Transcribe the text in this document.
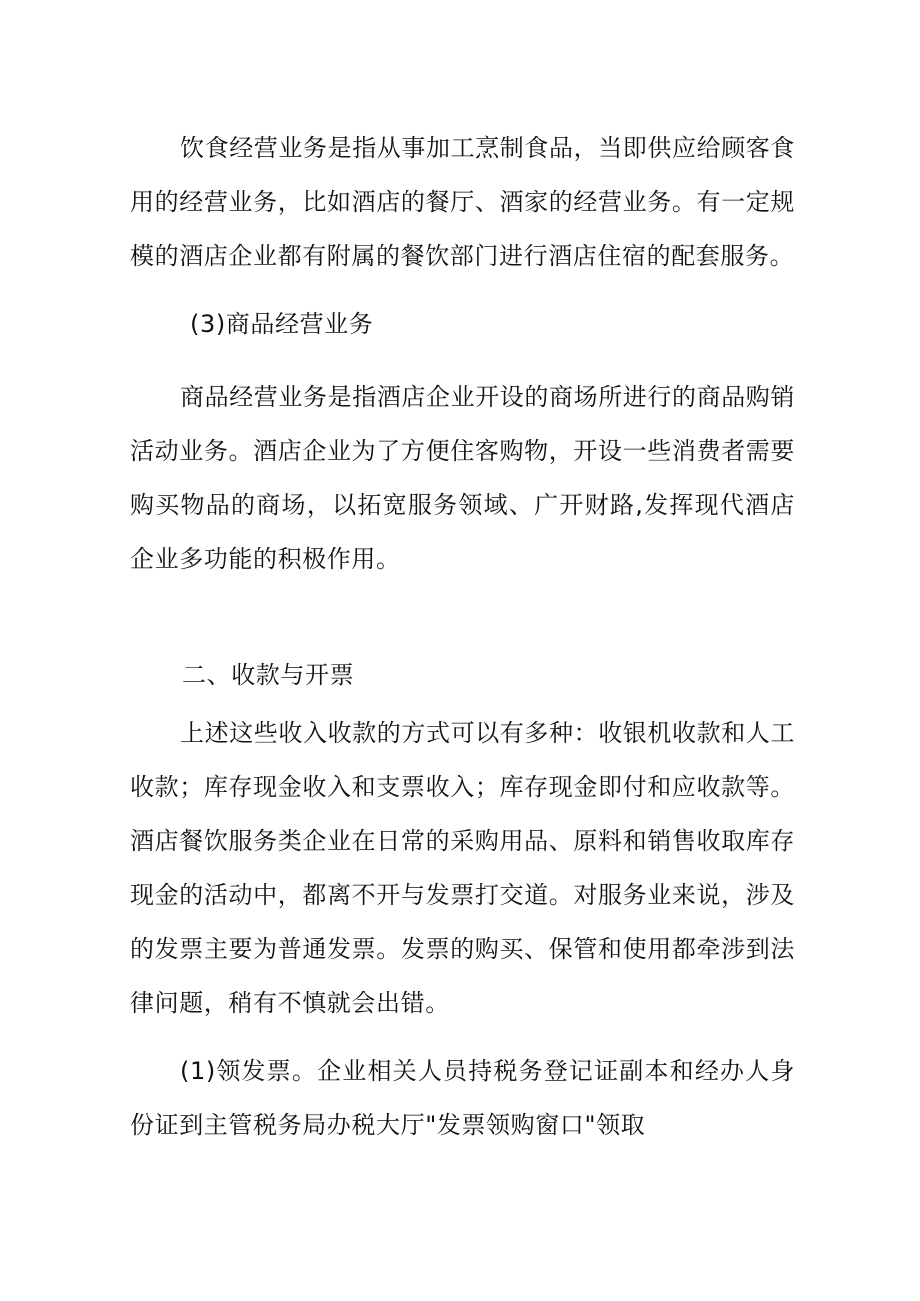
饮食经营业务是指从事加工烹制食品，当即供应给顾客食用的经营业务，比如酒店的餐厅、酒家的经营业务。有一定规模的酒店企业都有附属的餐饮部门进行酒店住宿的配套服务。

(3)商品经营业务

商品经营业务是指酒店企业开设的商场所进行的商品购销活动业务。酒店企业为了方便住客购物，开设一些消费者需要购买物品的商场，以拓宽服务领域、广开财路,发挥现代酒店企业多功能的积极作用。

二、收款与开票

上述这些收入收款的方式可以有多种：收银机收款和人工收款；库存现金收入和支票收入；库存现金即付和应收款等。酒店餐饮服务类企业在日常的采购用品、原料和销售收取库存现金的活动中，都离不开与发票打交道。对服务业来说，涉及的发票主要为普通发票。发票的购买、保管和使用都牵涉到法律问题，稍有不慎就会出错。

(1)领发票。企业相关人员持税务登记证副本和经办人身份证到主管税务局办税大厅"发票领购窗口"领取
